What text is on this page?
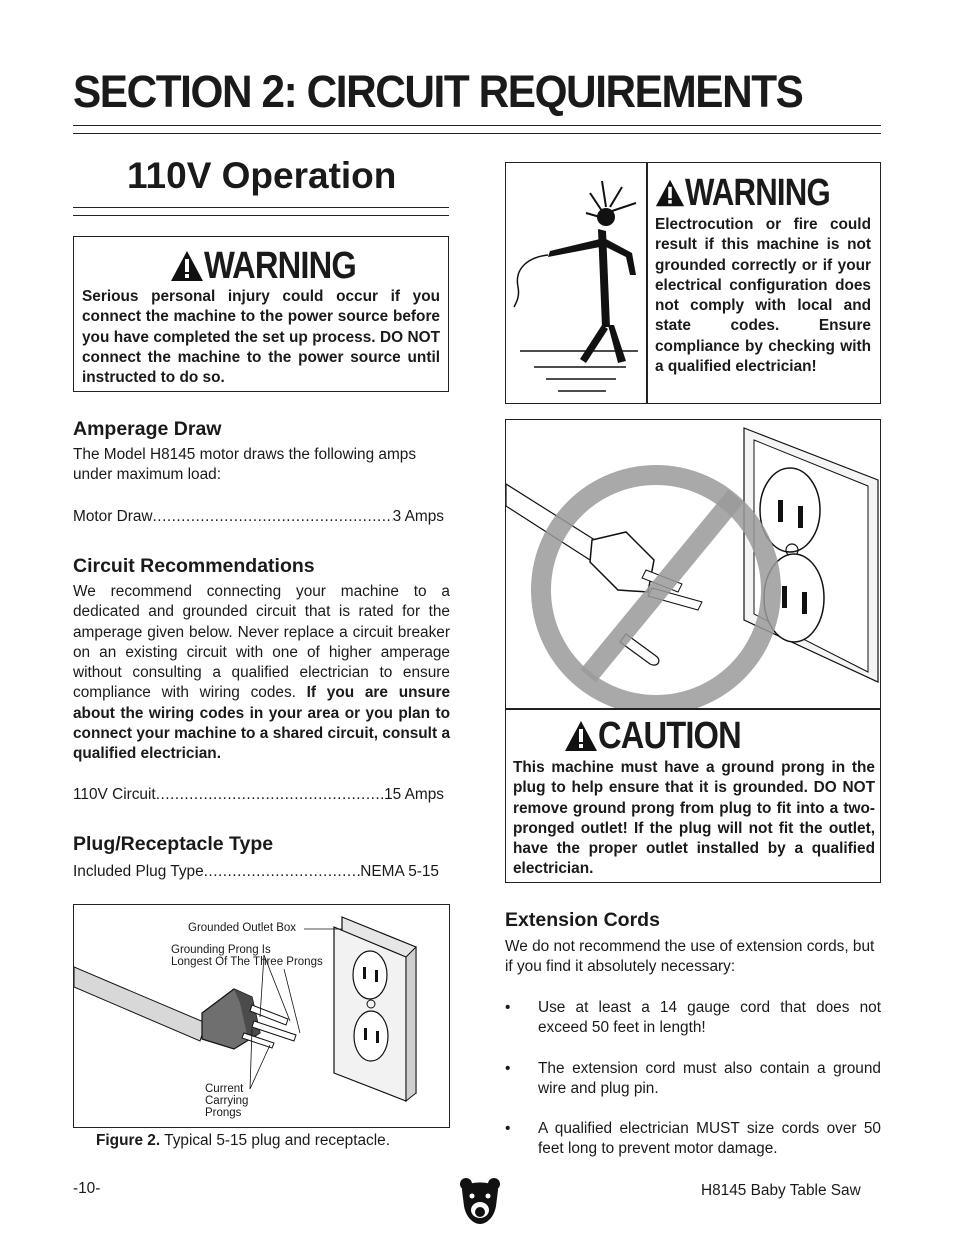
SECTION 2: CIRCUIT REQUIREMENTS
110V Operation
WARNING
Serious personal injury could occur if you connect the machine to the power source before you have completed the set up process. DO NOT connect the machine to the power source until instructed to do so.
Amperage Draw
The Model H8145 motor draws the following amps under maximum load:
Motor Draw .....	3 Amps
Circuit Recommendations
We recommend connecting your machine to a dedicated and grounded circuit that is rated for the amperage given below. Never replace a circuit breaker on an existing circuit with one of higher amperage without consulting a qualified electrician to ensure compliance with wiring codes. If you are unsure about the wiring codes in your area or you plan to connect your machine to a shared circuit, consult a qualified electrician.
110V Circuit .....	15 Amps
Plug/Receptacle Type
Included Plug Type .....	NEMA 5-15
Grounded Outlet Box
Grounding Prong Is
Longest Of The Three Prongs
Current
Carrying
Prongs
Figure 2. Typical 5-15 plug and receptacle.
WARNING
Electrocution or fire could result if this machine is not grounded correctly or if your electrical configuration does not comply with local and state codes. Ensure compliance by checking with a qualified electrician!
CAUTION
This machine must have a ground prong in the plug to help ensure that it is grounded. DO NOT remove ground prong from plug to fit into a two-pronged outlet! If the plug will not fit the outlet, have the proper outlet installed by a qualified electrician.
Extension Cords
We do not recommend the use of extension cords, but if you find it absolutely necessary:
•	Use at least a 14 gauge cord that does not exceed 50 feet in length!
•	The extension cord must also contain a ground wire and plug pin.
•	A qualified electrician MUST size cords over 50 feet long to prevent motor damage.
-10-	H8145 Baby Table Saw
